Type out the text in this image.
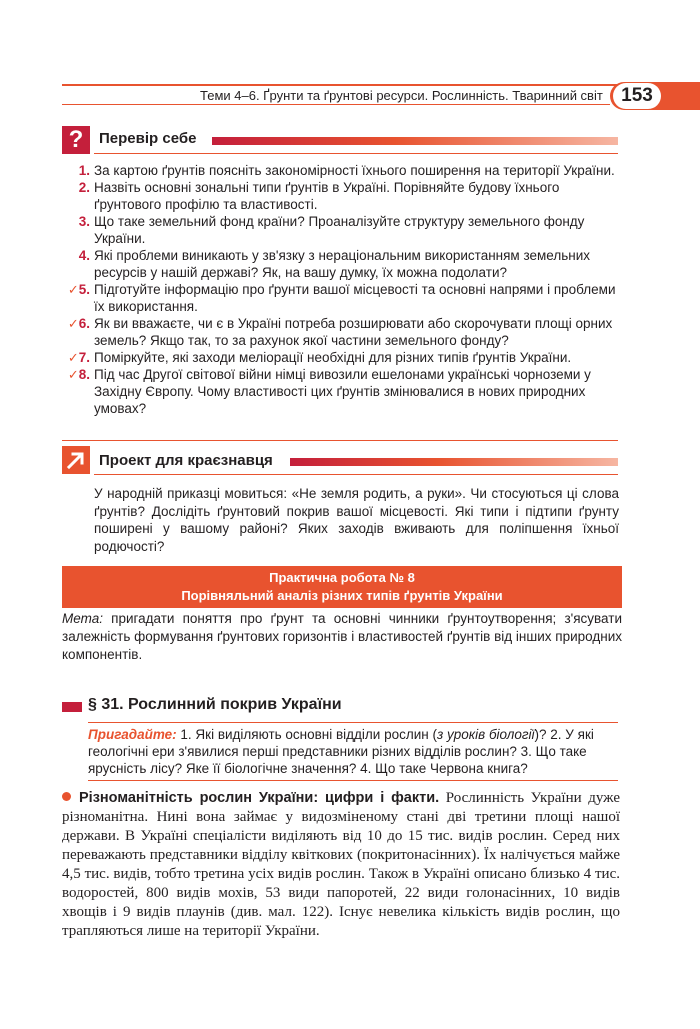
Теми 4–6. Ґрунти та ґрунтові ресурси. Рослинність. Тваринний світ 153
?	Перевір себе
1. За картою ґрунтів поясніть закономірності їхнього поширення на території України.
2. Назвіть основні зональні типи ґрунтів в Україні. Порівняйте будову їхнього ґрунтового профілю та властивості.
3. Що таке земельний фонд країни? Проаналізуйте структуру земельного фонду України.
4. Які проблеми виникають у зв'язку з нераціональним використанням земельних ресурсів у нашій державі? Як, на вашу думку, їх можна подолати?
✓5. Підготуйте інформацію про ґрунти вашої місцевості та основні напрями і проблеми їх використання.
✓6. Як ви вважаєте, чи є в Україні потреба розширювати або скорочувати площі орних земель? Якщо так, то за рахунок якої частини земельного фонду?
✓7. Поміркуйте, які заходи меліорації необхідні для різних типів ґрунтів України.
✓8. Під час Другої світової війни німці вивозили ешелонами українські чорноземи у Західну Європу. Чому властивості цих ґрунтів змінювалися в нових природних умовах?
Проект для краєзнавця
У народній приказці мовиться: «Не земля родить, а руки». Чи стосуються ці слова ґрунтів? Дослідіть ґрунтовий покрив вашої місцевості. Які типи і підтипи ґрунту поширені у вашому районі? Яких заходів вживають для поліпшення їхньої родючості?
Практична робота № 8
Порівняльний аналіз різних типів ґрунтів України
Мета: пригадати поняття про ґрунт та основні чинники ґрунтоутворення; з'ясувати залежність формування ґрунтових горизонтів і властивостей ґрунтів від інших природних компонентів.
§ 31. Рослинний покрив України
Пригадайте: 1. Які виділяють основні відділи рослин (з уроків біології)? 2. У які геологічні ери з'явилися перші представники різних відділів рослин? 3. Що таке ярусність лісу? Яке її біологічне значення? 4. Що таке Червона книга?
Різноманітність рослин України: цифри і факти. Рослинність України дуже різноманітна. Нині вона займає у видозміненому стані дві третини площі нашої держави. В Україні спеціалісти виділяють від 10 до 15 тис. видів рослин. Серед них переважають представники відділу квіткових (покритонасінних). Їх налічується майже 4,5 тис. видів, тобто третина усіх видів рослин. Також в Україні описано близько 4 тис. водоростей, 800 видів мохів, 53 види папоротей, 22 види голонасінних, 10 видів хвощів і 9 видів плаунів (див. мал. 122). Існує невелика кількість видів рослин, що трапляються лише на території України.
